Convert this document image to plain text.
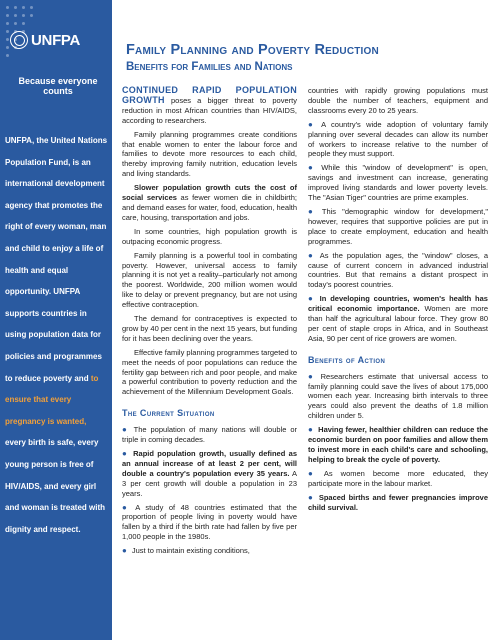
UNFPA
Because everyone counts
UNFPA, the United Nations Population Fund, is an international development agency that promotes the right of every woman, man and child to enjoy a life of health and equal opportunity. UNFPA supports countries in using population data for policies and programmes to reduce poverty and to ensure that every pregnancy is wanted, every birth is safe, every young person is free of HIV/AIDS, and every girl and woman is treated with dignity and respect.
Family Planning and Poverty Reduction
Benefits for Families and Nations

CONTINUED RAPID POPULATION GROWTH poses a bigger threat to poverty reduction in most African countries than HIV/AIDS, according to researchers.

Family planning programmes create conditions that enable women to enter the labour force and families to devote more resources to each child, thereby improving family nutrition, education levels and living standards.

Slower population growth cuts the cost of social services as fewer women die in childbirth; and demand eases for water, food, education, health care, housing, transportation and jobs.

In some countries, high population growth is outpacing economic progress.

Family planning is a powerful tool in combating poverty. However, universal access to family planning it is not yet a reality–particularly not among the poorest. Worldwide, 200 million women would like to delay or prevent pregnancy, but are not using effective contraception.

The demand for contraceptives is expected to grow by 40 per cent in the next 15 years, but funding for it has been declining over the years.

Effective family planning programmes targeted to meet the needs of poor populations can reduce the fertility gap between rich and poor people, and make a powerful contribution to poverty reduction and the achievement of the Millennium Development Goals.

The Current Situation

● The population of many nations will double or triple in coming decades.

● Rapid population growth, usually defined as an annual increase of at least 2 per cent, will double a country's population every 35 years. A 3 per cent growth will double a population in 23 years.

● A study of 48 countries estimated that the proportion of people living in poverty would have fallen by a third if the birth rate had fallen by five per 1,000 people in the 1980s.

● Just to maintain existing conditions,

countries with rapidly growing populations must double the number of teachers, equipment and classrooms every 20 to 25 years.

● A country's wide adoption of voluntary family planning over several decades can allow its number of workers to increase relative to the number of people they must support.

● While this "window of development" is open, savings and investment can increase, generating improved living standards and lower poverty levels. The "Asian Tiger" countries are prime examples.

● This "demographic window for development," however, requires that supportive policies are put in place to create employment, education and health programmes.

● As the population ages, the "window" closes, a cause of current concern in advanced industrial countries. But that remains a distant prospect in today's poorest countries.

● In developing countries, women's health has critical economic importance. Women are more than half the agricultural labour force. They grow 80 per cent of staple crops in Africa, and in Southeast Asia, 90 per cent of rice growers are women.

Benefits of Action

● Researchers estimate that universal access to family planning could save the lives of about 175,000 women each year. Increasing birth intervals to three years could also prevent the deaths of 1.8 million children under 5.

● Having fewer, healthier children can reduce the economic burden on poor families and allow them to invest more in each child's care and schooling, helping to break the cycle of poverty.

● As women become more educated, they participate more in the labour market.

● Spaced births and fewer pregnancies improve child survival.
